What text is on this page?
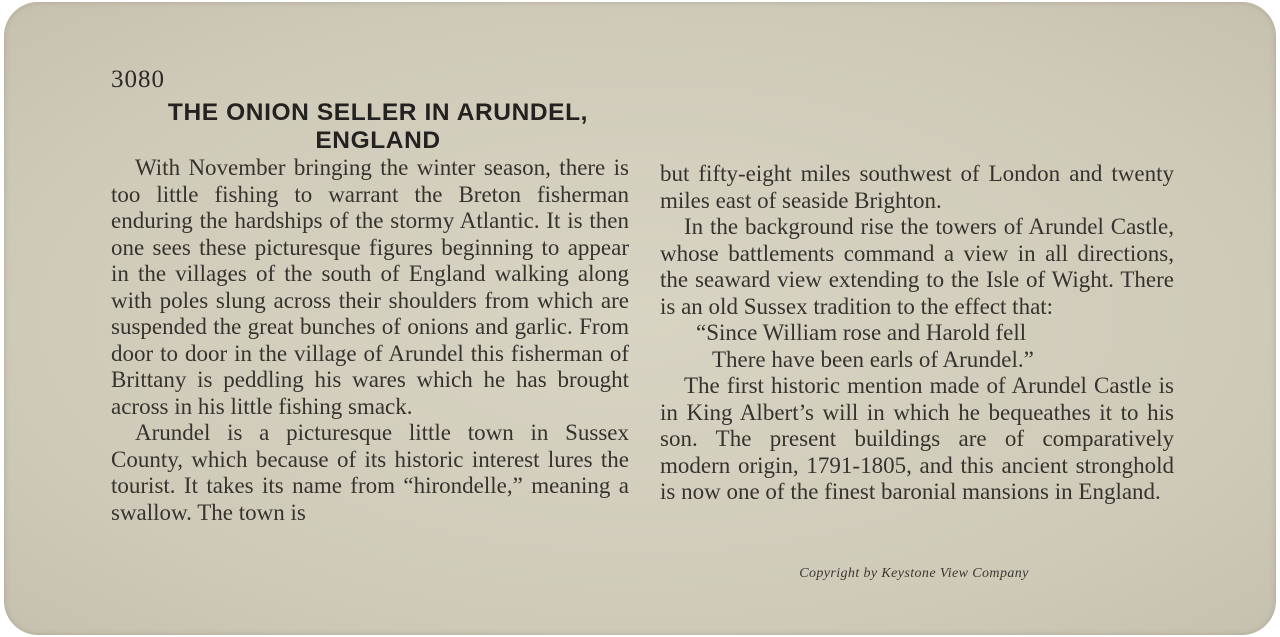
3080
THE ONION SELLER IN ARUNDEL,
ENGLAND

With November bringing the winter season, there is too little fishing to warrant the Breton fisherman enduring the hardships of the stormy Atlantic. It is then one sees these picturesque figures beginning to appear in the villages of the south of England walking along with poles slung across their shoulders from which are suspended the great bunches of onions and garlic. From door to door in the village of Arundel this fisherman of Brittany is peddling his wares which he has brought across in his little fishing smack.

Arundel is a picturesque little town in Sussex County, which because of its historic interest lures the tourist. It takes its name from “hirondelle,” meaning a swallow. The town is

but fifty-eight miles southwest of London and twenty miles east of seaside Brighton.

In the background rise the towers of Arundel Castle, whose battlements command a view in all directions, the seaward view extending to the Isle of Wight. There is an old Sussex tradition to the effect that:

“Since William rose and Harold fell

There have been earls of Arundel.”

The first historic mention made of Arundel Castle is in King Albert’s will in which he bequeathes it to his son. The present buildings are of comparatively modern origin, 1791-1805, and this ancient stronghold is now one of the finest baronial mansions in England.

Copyright by Keystone View Company
